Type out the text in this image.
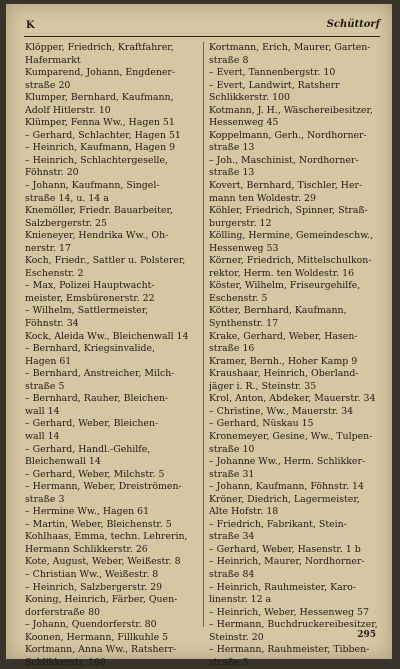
K	Schüttorf
Klöpper, Friedrich, Kraftfahrer,
Hafermarkt
Kumparend, Johann, Engdener-
straße 20
Klumper, Bernhard, Kaufmann,
Adolf Hitlerstr. 10
Klümper, Fenna Ww., Hagen 51
– Gerhard, Schlachter, Hagen 51
– Heinrich, Kaufmann, Hagen 9
– Heinrich, Schlachtergeselle,
Föhnstr. 20
– Johann, Kaufmann, Singel-
straße 14, u. 14 a
Knemöller, Friedr. Bauarbeiter,
Salzbergerstr. 25
Knieneyer, Hendrika Ww., Oh-
nerstr. 17
Koch, Friedr., Sattler u. Polsterer,
Eschenstr. 2
– Max, Polizei Hauptwacht-
meister, Emsbürenerstr. 22
– Wilhelm, Sattlermeister,
Föhnstr. 34
Kock, Aleida Ww., Bleichenwall 14
– Bernhard, Kriegsinvalide,
Hagen 61
– Bernhard, Anstreicher, Milch-
straße 5
– Bernhard, Rauher, Bleichen-
wall 14
– Gerhard, Weber, Bleichen-
wall 14
– Gerhard, Handl.-Gehilfe,
Bleichenwall 14
– Gerhard, Weber, Milchstr. 5
– Hermann, Weber, Dreiströmen-
straße 3
– Hermine Ww., Hagen 61
– Martin, Weber, Bleichenstr. 5
Kohlhaas, Emma, techn. Lehrerin,
Hermann Schlikkerstr. 26
Kote, August, Weber, Weißestr. 8
– Christian Ww., Weißestr. 8
– Heinrich, Salzbergerstr. 29
Koning, Heinrich, Färber, Quen-
dorferstraße 80
– Johann, Quendorferstr. 80
Koonen, Hermann, Fillkuhle 5
Kortmann, Anna Ww., Ratsherr-
Schlikkerstr. 100
Kortmann, Erich, Maurer, Garten-
straße 8
– Evert, Tannenbergstr. 10
– Evert, Landwirt, Ratsherr
Schlikkerstr. 100
Kotmann, J. H., Wäschereibesitzer,
Hessenweg 45
Koppelmann, Gerh., Nordhorner-
straße 13
– Joh., Maschinist, Nordhorner-
straße 13
Kovert, Bernhard, Tischler, Her-
mann ten Woldestr. 29
Köhler, Friedrich, Spinner, Straß-
burgerstr. 12
Kölling, Hermine, Gemeindeschw.,
Hessenweg 53
Körner, Friedrich, Mittelschulkon-
rektor, Herm. ten Woldestr. 16
Köster, Wilhelm, Friseurgehilfe,
Eschenstr. 5
Kötter, Bernhard, Kaufmann,
Synthenstr. 17
Krake, Gerhard, Weber, Hasen-
straße 16
Kramer, Bernh., Hoher Kamp 9
Kraushaar, Heinrich, Oberland-
jäger i. R., Steinstr. 35
Krol, Anton, Abdeker, Mauerstr. 34
– Christine, Ww., Mauerstr. 34
– Gerhard, Nüskau 15
Kronemeyer, Gesine, Ww., Tulpen-
straße 10
– Johanne Ww., Herm. Schlikker-
straße 31
– Johann, Kaufmann, Föhnstr. 14
Kröner, Diedrich, Lagermeister,
Alte Hofstr. 18
– Friedrich, Fabrikant, Stein-
straße 34
– Gerhard, Weber, Hasenstr. 1 b
– Heinrich, Maurer, Nordhorner-
straße 84
– Heinrich, Rauhmeister, Karo-
linenstr. 12 a
– Heinrich, Weber, Hessenweg 57
– Hermann, Buchdruckereibesitzer,
Steinstr. 20
– Hermann, Rauhmeister, Tibben-
straße 3
295
